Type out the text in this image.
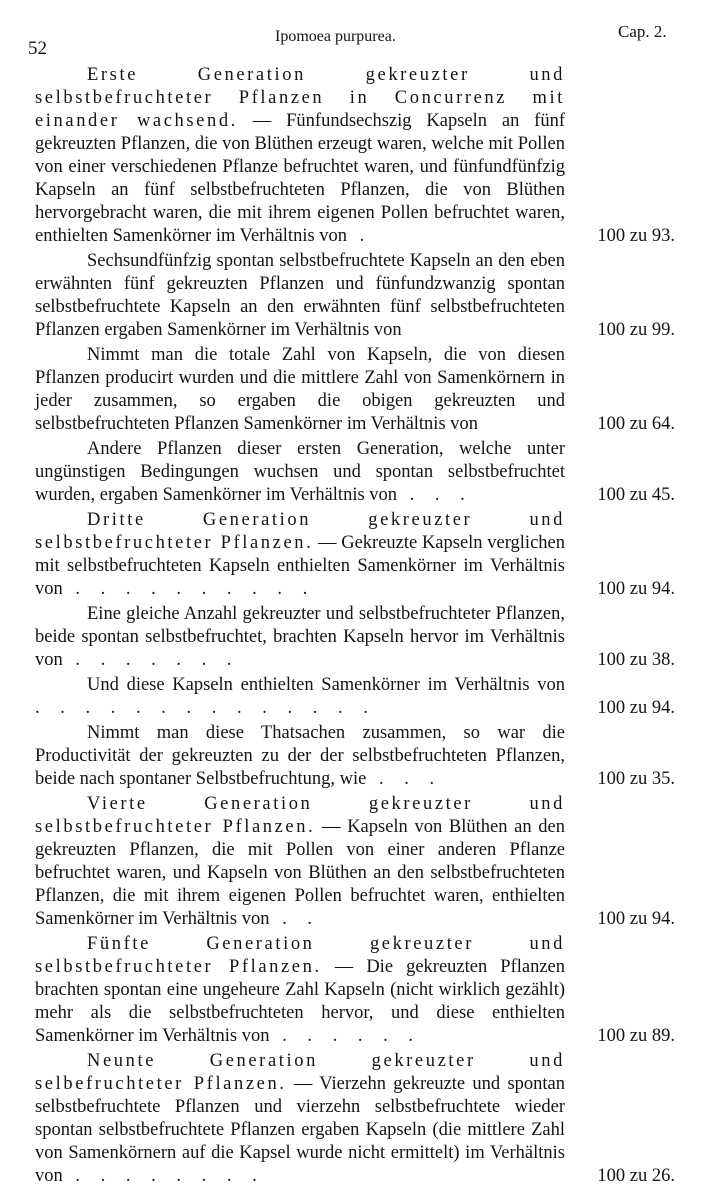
52
Ipomoea purpurea.	Cap. 2.
Erste Generation gekreuzter und selbstbefruchteter Pflanzen in Concurrenz mit einander wachsend. — Fünfundsechszig Kapseln an fünf gekreuzten Pflanzen, die von Blüthen erzeugt waren, welche mit Pollen von einer verschiedenen Pflanze befruchtet waren, und fünfundfünfzig Kapseln an fünf selbstbefruchteten Pflanzen, die von Blüthen hervorgebracht waren, die mit ihrem eigenen Pollen befruchtet waren, enthielten Samenkörner im Verhältnis von .	100 zu 93.
Sechsundfünfzig spontan selbstbefruchtete Kapseln an den eben erwähnten fünf gekreuzten Pflanzen und fünfundzwanzig spontan selbstbefruchtete Kapseln an den erwähnten fünf selbstbefruchteten Pflanzen ergaben Samenkörner im Verhältnis von	100 zu 99.
Nimmt man die totale Zahl von Kapseln, die von diesen Pflanzen producirt wurden und die mittlere Zahl von Samenkörnern in jeder zusammen, so ergaben die obigen gekreuzten und selbstbefruchteten Pflanzen Samenkörner im Verhältnis von	100 zu 64.
Andere Pflanzen dieser ersten Generation, welche unter ungünstigen Bedingungen wuchsen und spontan selbstbefruchtet wurden, ergaben Samenkörner im Verhältnis von . . .	100 zu 45.
Dritte Generation gekreuzter und selbstbefruchteter Pflanzen. — Gekreuzte Kapseln verglichen mit selbstbefruchteten Kapseln enthielten Samenkörner im Verhältnis von . . . . . . . . . .	100 zu 94.
Eine gleiche Anzahl gekreuzter und selbstbefruchteter Pflanzen, beide spontan selbstbefruchtet, brachten Kapseln hervor im Verhältnis von . . . . . . .	100 zu 38.
Und diese Kapseln enthielten Samenkörner im Verhältnis von . . . . . . . . . . . . . .	100 zu 94.
Nimmt man diese Thatsachen zusammen, so war die Productivität der gekreuzten zu der der selbstbefruchteten Pflanzen, beide nach spontaner Selbstbefruchtung, wie . . .	100 zu 35.
Vierte Generation gekreuzter und selbstbefruchteter Pflanzen. — Kapseln von Blüthen an den gekreuzten Pflanzen, die mit Pollen von einer anderen Pflanze befruchtet waren, und Kapseln von Blüthen an den selbstbefruchteten Pflanzen, die mit ihrem eigenen Pollen befruchtet waren, enthielten Samenkörner im Verhältnis von . .	100 zu 94.
Fünfte Generation gekreuzter und selbstbefruchteter Pflanzen. — Die gekreuzten Pflanzen brachten spontan eine ungeheure Zahl Kapseln (nicht wirklich gezählt) mehr als die selbstbefruchteten hervor, und diese enthielten Samenkörner im Verhältnis von . . . . . .	100 zu 89.
Neunte Generation gekreuzter und selbefruchteter Pflanzen. — Vierzehn gekreuzte und spontan selbstbefruchtete Pflanzen und vierzehn selbstbefruchtete wieder spontan selbstbefruchtete Pflanzen ergaben Kapseln (die mittlere Zahl von Samenkörnern auf die Kapsel wurde nicht ermittelt) im Verhältnis von . . . . . . . .	100 zu 26.
